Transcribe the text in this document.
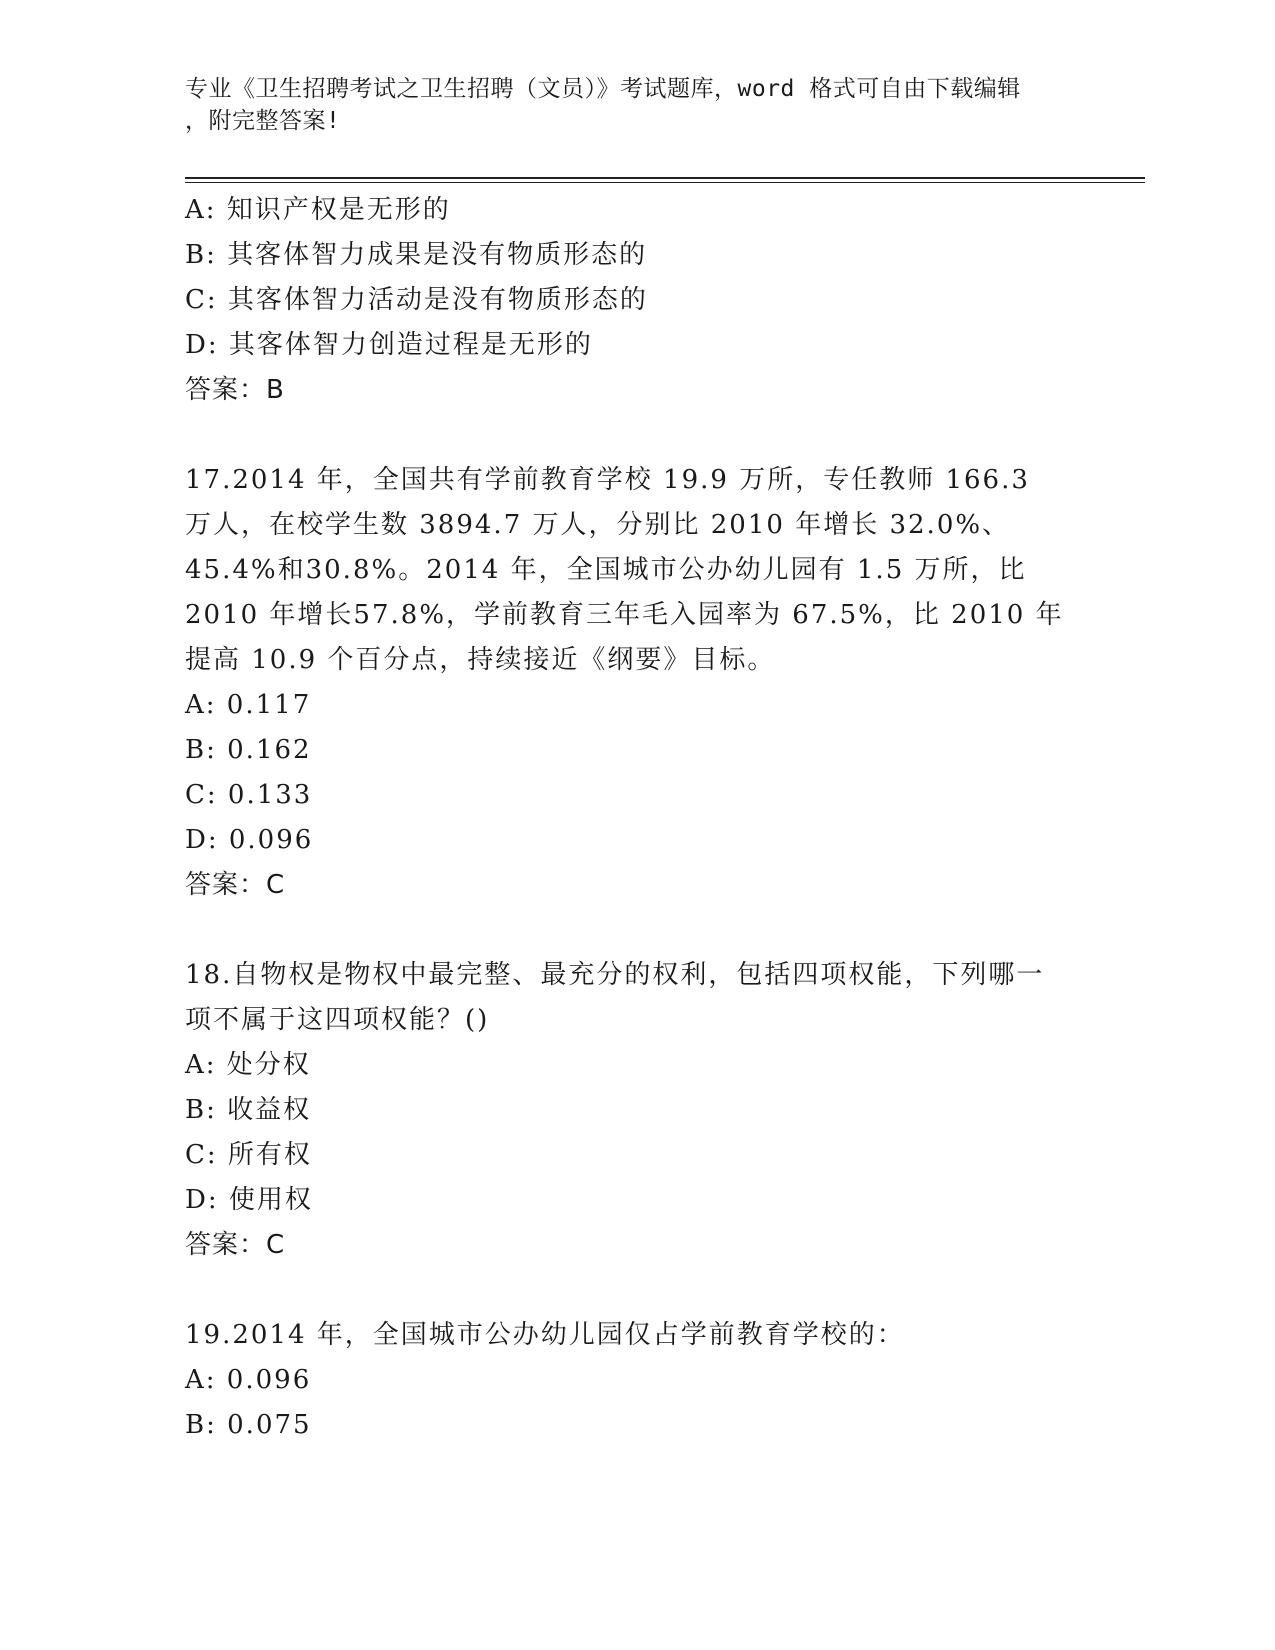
专业《卫生招聘考试之卫生招聘（文员）》考试题库，word 格式可自由下载编辑
，附完整答案!
A: 知识产权是无形的
B: 其客体智力成果是没有物质形态的
C: 其客体智力活动是没有物质形态的
D: 其客体智力创造过程是无形的
答案：B
17.2014 年，全国共有学前教育学校 19.9 万所，专任教师 166.3 万人，在校学生数 3894.7 万人，分别比 2010 年增长 32.0%、45.4%和30.8%。2014 年，全国城市公办幼儿园有 1.5 万所，比 2010 年增长57.8%，学前教育三年毛入园率为 67.5%，比 2010 年提高 10.9 个百分点，持续接近《纲要》目标。
A: 0.117
B: 0.162
C: 0.133
D: 0.096
答案：C
18.自物权是物权中最完整、最充分的权利，包括四项权能，下列哪一项不属于这四项权能？()
A: 处分权
B: 收益权
C: 所有权
D: 使用权
答案：C
19.2014 年，全国城市公办幼儿园仅占学前教育学校的：
A: 0.096
B: 0.075
